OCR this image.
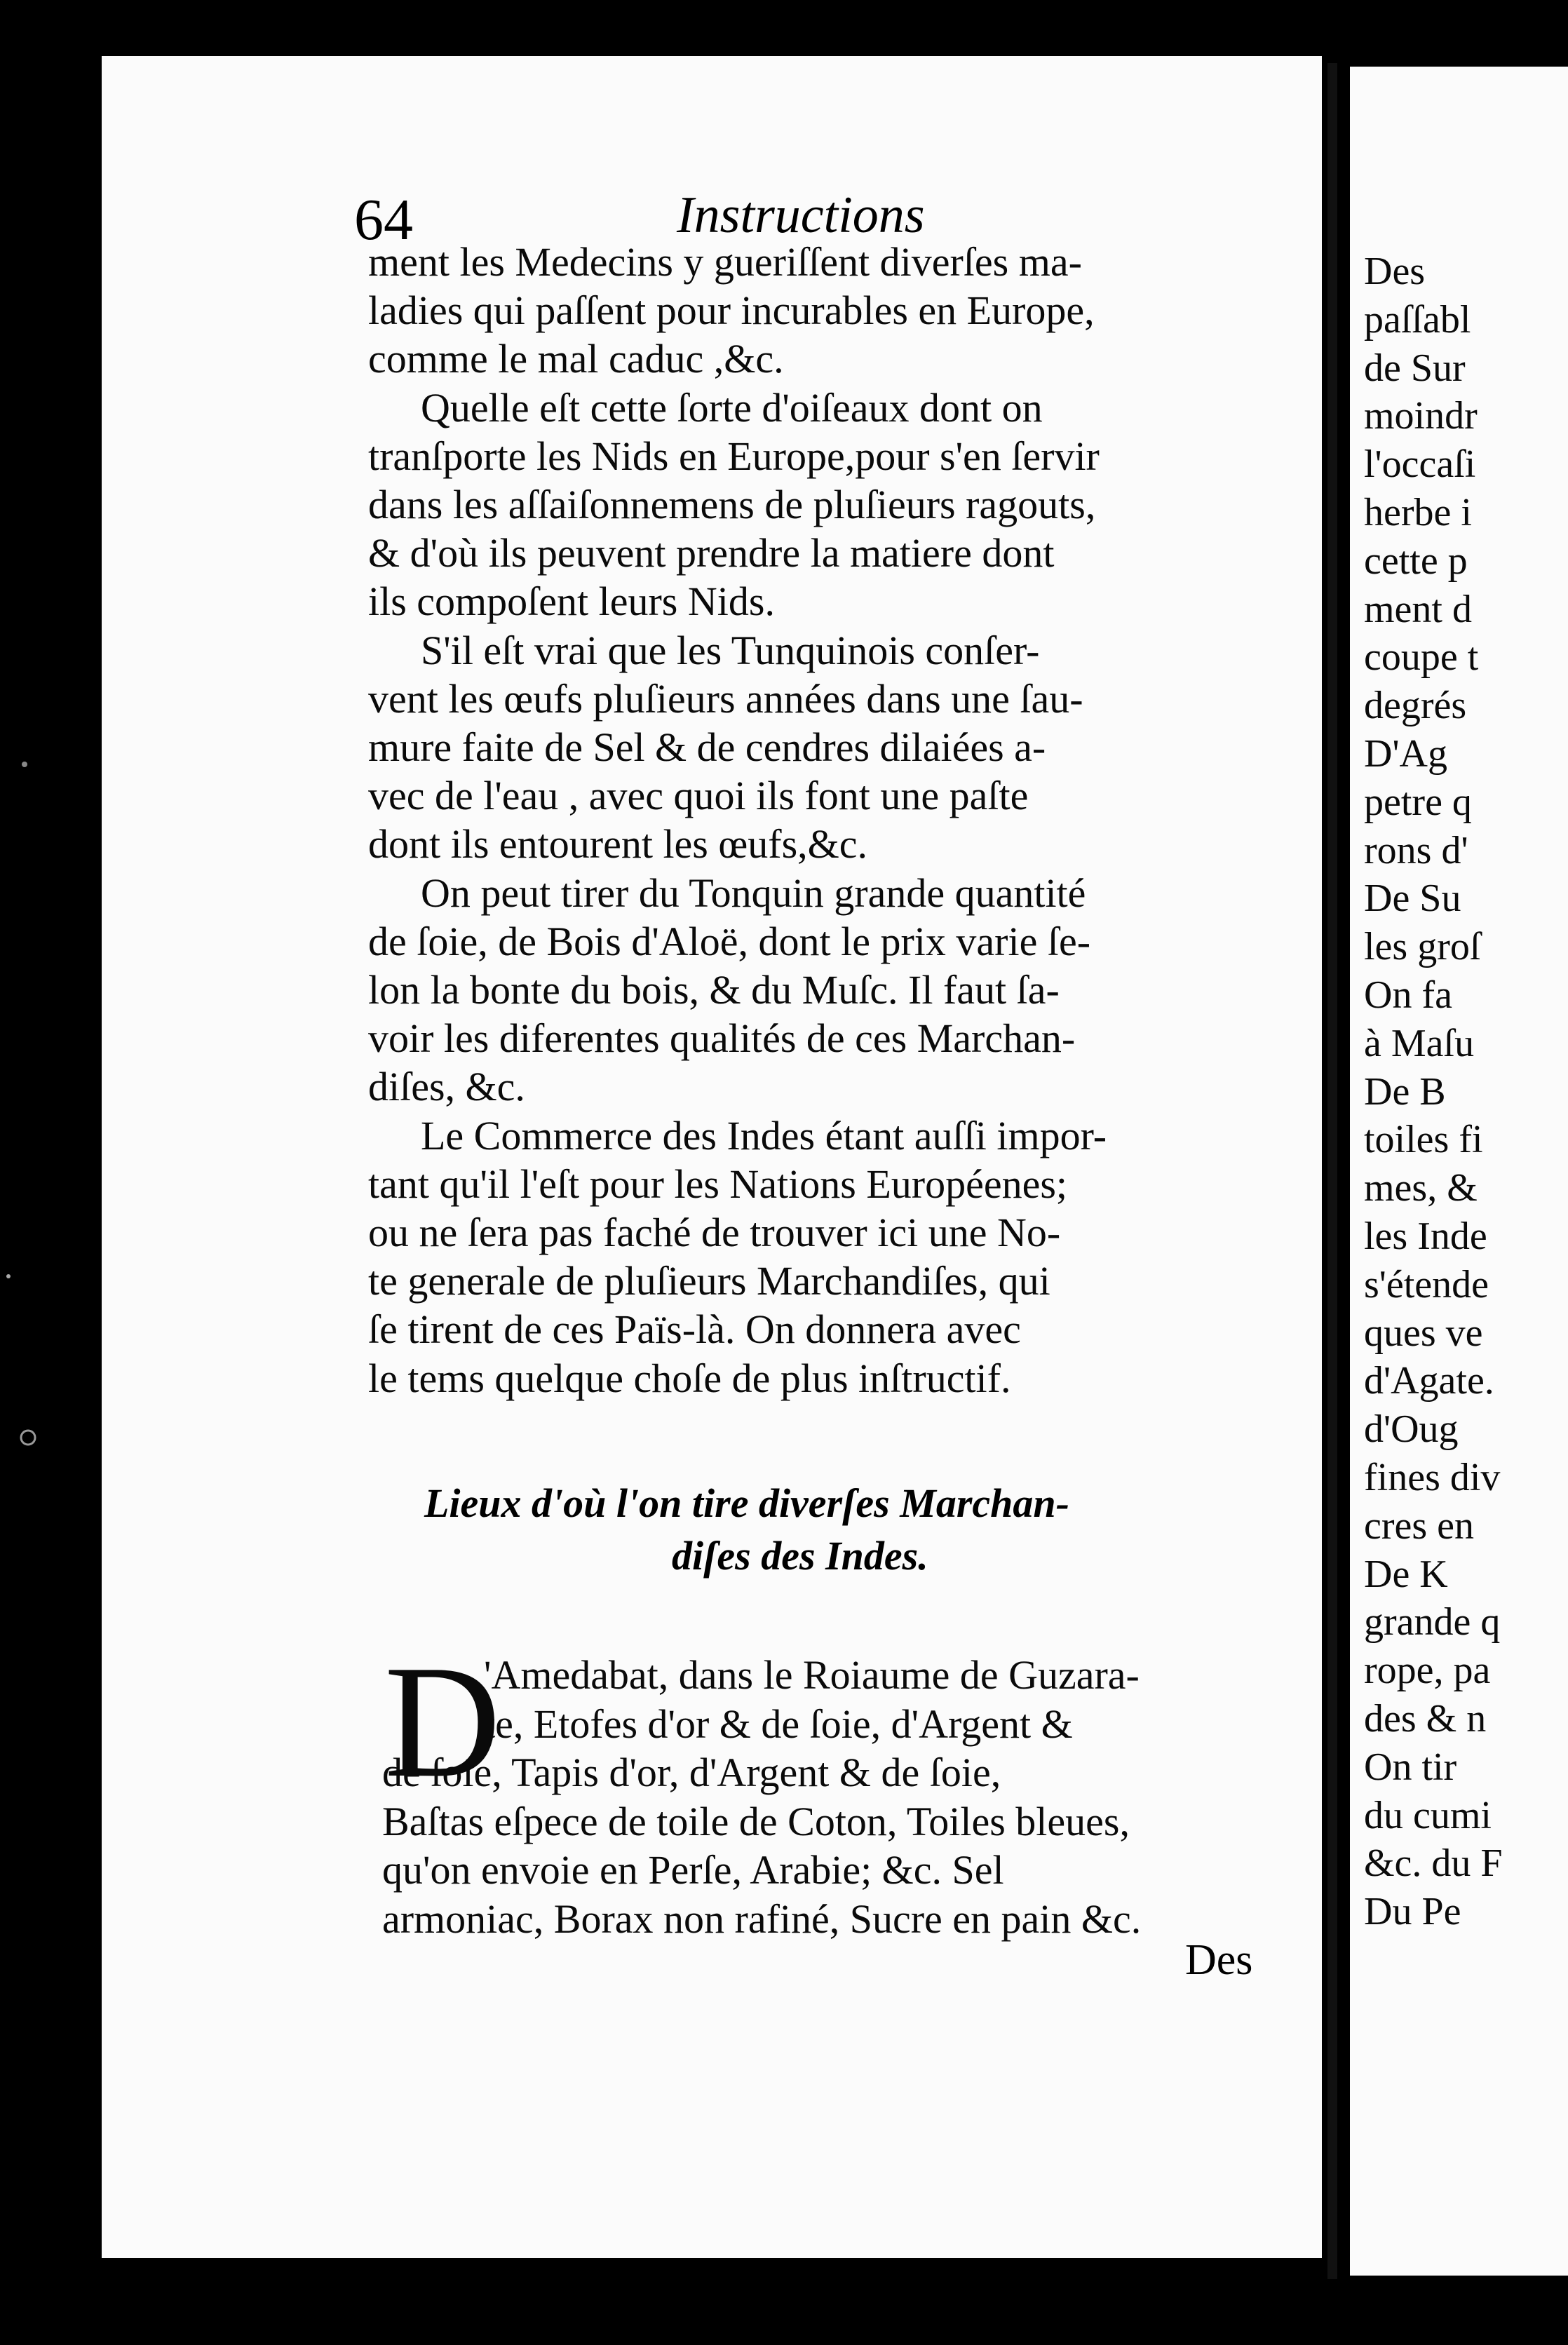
Des
paſſabl
de Sur
moindr
l'occaſi
herbe i
cette p
ment d
coupe t
degrés
D'Ag
petre q
rons d'
De Su
les groſ
On fa
à Maſu
De B
toiles fi
mes, &
les Inde
s'étende
ques ve
d'Agate.
d'Oug
fines div
cres en
De K
grande q
rope, pa
des & n
On tir
du cumi
&c. du F
Du Pe
64	Instructions
ment les Medecins y gueriſſent diverſes ma-
ladies qui paſſent pour incurables en Europe,
comme le mal caduc ,&c.
Quelle eſt cette ſorte d'oiſeaux dont on
tranſporte les Nids en Europe,pour s'en ſervir
dans les aſſaiſonnemens de pluſieurs ragouts,
& d'où ils peuvent prendre la matiere dont
ils compoſent leurs Nids.
S'il eſt vrai que les Tunquinois conſer-
vent les œufs pluſieurs années dans une ſau-
mure faite de Sel & de cendres dilaiées a-
vec de l'eau , avec quoi ils font une paſte
dont ils entourent les œufs,&c.
On peut tirer du Tonquin grande quantité
de ſoie, de Bois d'Aloë, dont le prix varie ſe-
lon la bonte du bois, & du Muſc. Il faut ſa-
voir les diferentes qualités de ces Marchan-
diſes, &c.
Le Commerce des Indes étant auſſi impor-
tant qu'il l'eſt pour les Nations Européenes;
ou ne ſera pas faché de trouver ici une No-
te generale de pluſieurs Marchandiſes, qui
ſe tirent de ces Païs-là. On donnera avec
le tems quelque choſe de plus inſtructif.
Lieux d'où l'on tire diverſes Marchan-
diſes des Indes.
D
'Amedabat, dans le Roiaume de Guzara-
te, Etofes d'or & de ſoie, d'Argent &
de ſoie, Tapis d'or, d'Argent & de ſoie,
Baſtas eſpece de toile de Coton, Toiles bleues,
qu'on envoie en Perſe, Arabie; &c. Sel
armoniac, Borax non rafiné, Sucre en pain &c.
Des
